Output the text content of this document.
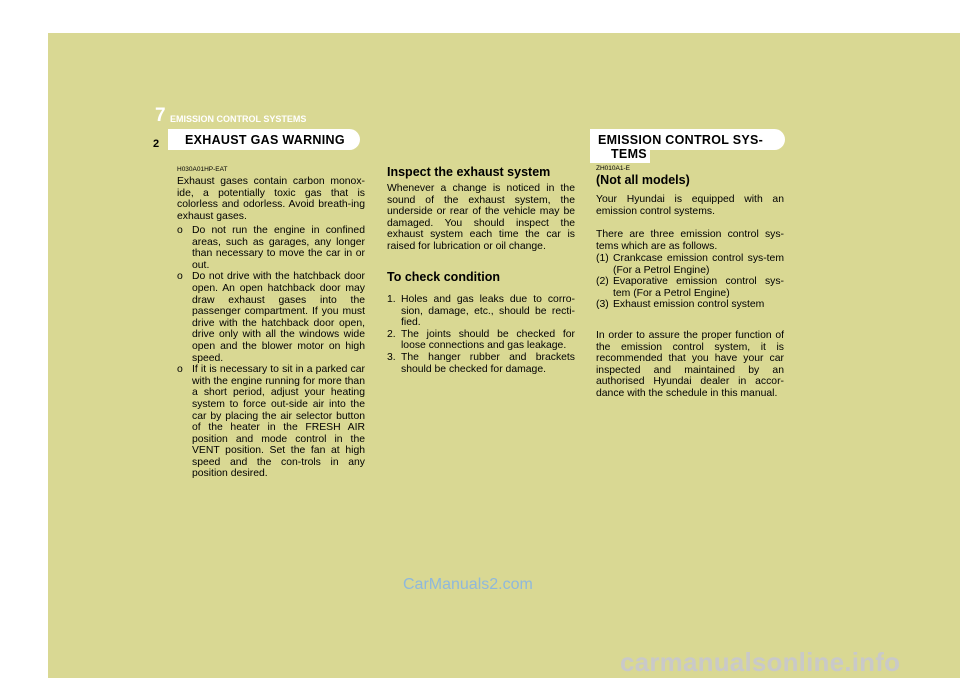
7 EMISSION CONTROL SYSTEMS
2 EXHAUST GAS WARNING	EMISSION CONTROL SYS-
TEMS
H030A01HP-EAT
Exhaust gases contain carbon monox-ide, a potentially toxic gas that is colorless and odorless. Avoid breath-ing exhaust gases.
o Do not run the engine in confined areas, such as garages, any longer than necessary to move the car in or out.
o Do not drive with the hatchback door open. An open hatchback door may draw exhaust gases into the passenger compartment. If you must drive with the hatchback door open, drive only with all the windows wide open and the blower motor on high speed.
o If it is necessary to sit in a parked car with the engine running for more than a short period, adjust your heating system to force out-side air into the car by placing the air selector button of the heater in the FRESH AIR position and mode control in the VENT position. Set the fan at high speed and the con-trols in any position desired.
Inspect the exhaust system
Whenever a change is noticed in the sound of the exhaust system, the underside or rear of the vehicle may be damaged. You should inspect the exhaust system each time the car is raised for lubrication or oil change.
To check condition
1. Holes and gas leaks due to corro-sion, damage, etc., should be recti-fied.
2. The joints should be checked for loose connections and gas leakage.
3. The hanger rubber and brackets should be checked for damage.
ZH010A1-E
(Not all models)
Your Hyundai is equipped with an emission control systems.
There are three emission control sys-tems which are as follows.
(1) Crankcase emission control sys-tem (For a Petrol Engine)
(2) Evaporative emission control sys-tem (For a Petrol Engine)
(3) Exhaust emission control system
In order to assure the proper function of the emission control system, it is recommended that you have your car inspected and maintained by an authorised Hyundai dealer in accor-dance with the schedule in this manual.
CarManuals2.com
carmanualsonline.info
